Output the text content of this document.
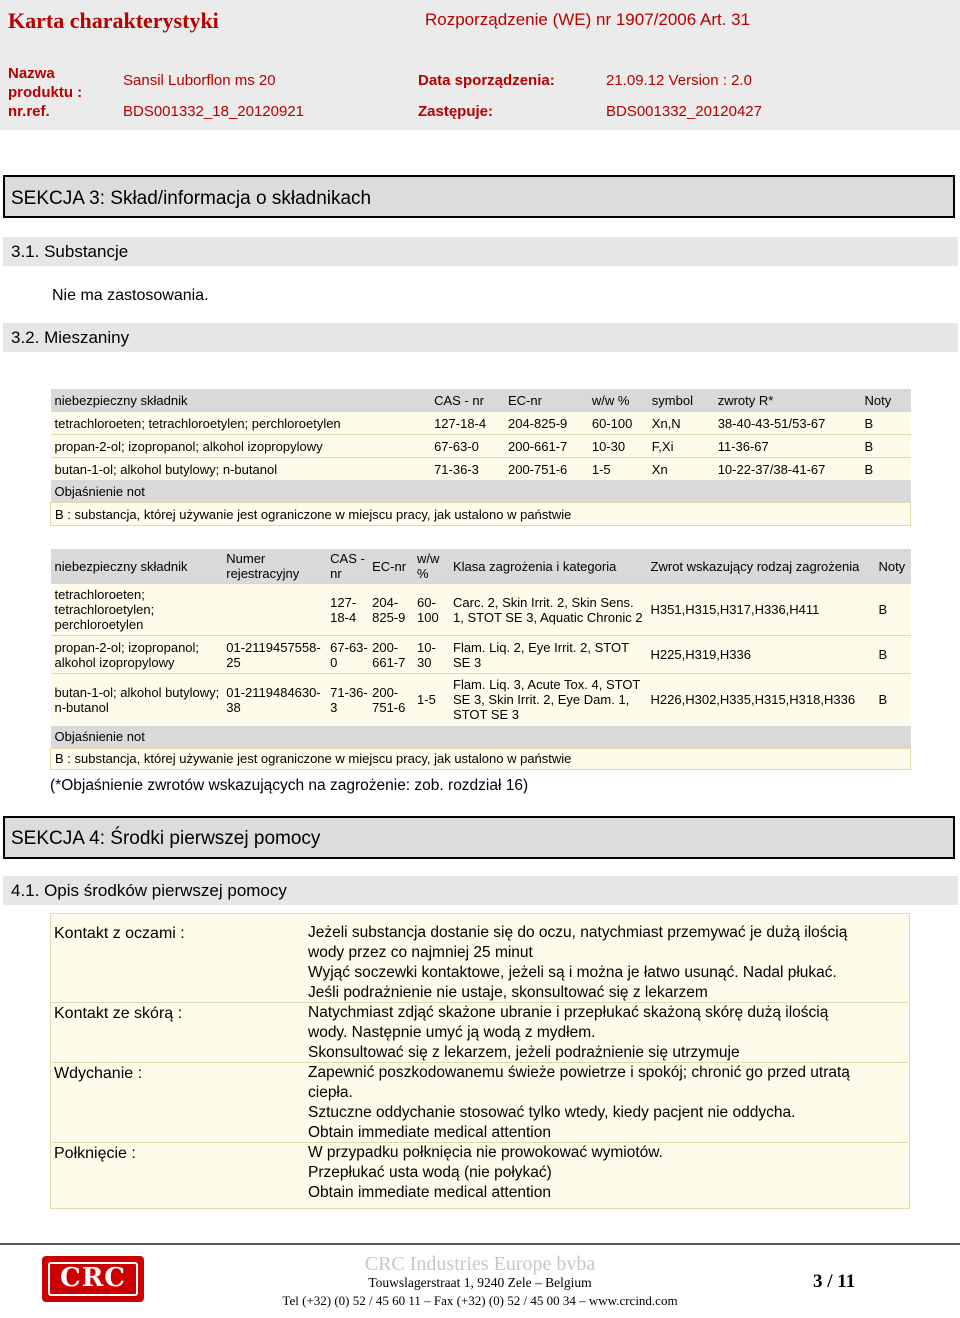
Karta charakterystyki	Rozporządzenie (WE) nr 1907/2006 Art. 31
Nazwa produktu :
Sansil Luborflon ms 20	Data sporządzenia:	21.09.12 Version : 2.0
nr.ref.	BDS001332_18_20120921	Zastępuje:	BDS001332_20120427
SEKCJA 3: Skład/informacja o składnikach
3.1. Substancje
Nie ma zastosowania.
3.2. Mieszaniny
niebezpieczny składnik	CAS - nr	EC-nr	w/w %	symbol	zwroty R*	Noty
tetrachloroeten; tetrachloroetylen; perchloroetylen	127-18-4	204-825-9	60-100	Xn,N	38-40-43-51/53-67	B
propan-2-ol; izopropanol; alkohol izopropylowy	67-63-0	200-661-7	10-30	F,Xi	11-36-67	B
butan-1-ol; alkohol butylowy; n-butanol	71-36-3	200-751-6	1-5	Xn	10-22-37/38-41-67	B
Objaśnienie not						
B : substancja, której używanie jest ograniczone w miejscu pracy, jak ustalono w państwie						
niebezpieczny składnik	Numer rejestracyjny	CAS - nr	EC-nr	w/w %	Klasa zagrożenia i kategoria	Zwrot wskazujący rodzaj zagrożenia	Noty
tetrachloroeten; tetrachloroetylen; perchloroetylen		127-18-4	204-825-9	60-100	Carc. 2, Skin Irrit. 2, Skin Sens. 1, STOT SE 3, Aquatic Chronic 2	H351,H315,H317,H336,H411	B
propan-2-ol; izopropanol; alkohol izopropylowy	01-2119457558-25	67-63-0	200-661-7	10-30	Flam. Liq. 2, Eye Irrit. 2, STOT SE 3	H225,H319,H336	B
butan-1-ol; alkohol butylowy; n-butanol	01-2119484630-38	71-36-3	200-751-6	1-5	Flam. Liq. 3, Acute Tox. 4, STOT SE 3, Skin Irrit. 2, Eye Dam. 1, STOT SE 3	H226,H302,H335,H315,H318,H336	B
Objaśnienie not							
B : substancja, której używanie jest ograniczone w miejscu pracy, jak ustalono w państwie							
(*Objaśnienie zwrotów wskazujących na zagrożenie: zob. rozdział 16)
SEKCJA 4: Środki pierwszej pomocy
4.1. Opis środków pierwszej pomocy
Kontakt z oczami :	Jeżeli substancja dostanie się do oczu, natychmiast przemywać je dużą ilością
wody przez co najmniej 25 minut
Wyjąć soczewki kontaktowe, jeżeli są i można je łatwo usunąć. Nadal płukać.
Jeśli podrażnienie nie ustaje, skonsultować się z lekarzem
Kontakt ze skórą :	Natychmiast zdjąć skażone ubranie i przepłukać skażoną skórę dużą ilością
wody. Następnie umyć ją wodą z mydłem.
Skonsultować się z lekarzem, jeżeli podrażnienie się utrzymuje
Wdychanie :	Zapewnić poszkodowanemu świeże powietrze i spokój; chronić go przed utratą
ciepła.
Sztuczne oddychanie stosować tylko wtedy, kiedy pacjent nie oddycha.
Obtain immediate medical attention
Połknięcie :	W przypadku połknięcia nie prowokować wymiotów.
Przepłukać usta wodą (nie połykać)
Obtain immediate medical attention
CRC	CRC Industries Europe bvba
Touwslagerstraat 1, 9240 Zele – Belgium
Tel (+32) (0) 52 / 45 60 11 – Fax (+32) (0) 52 / 45 00 34 – www.crcind.com
3 / 11
